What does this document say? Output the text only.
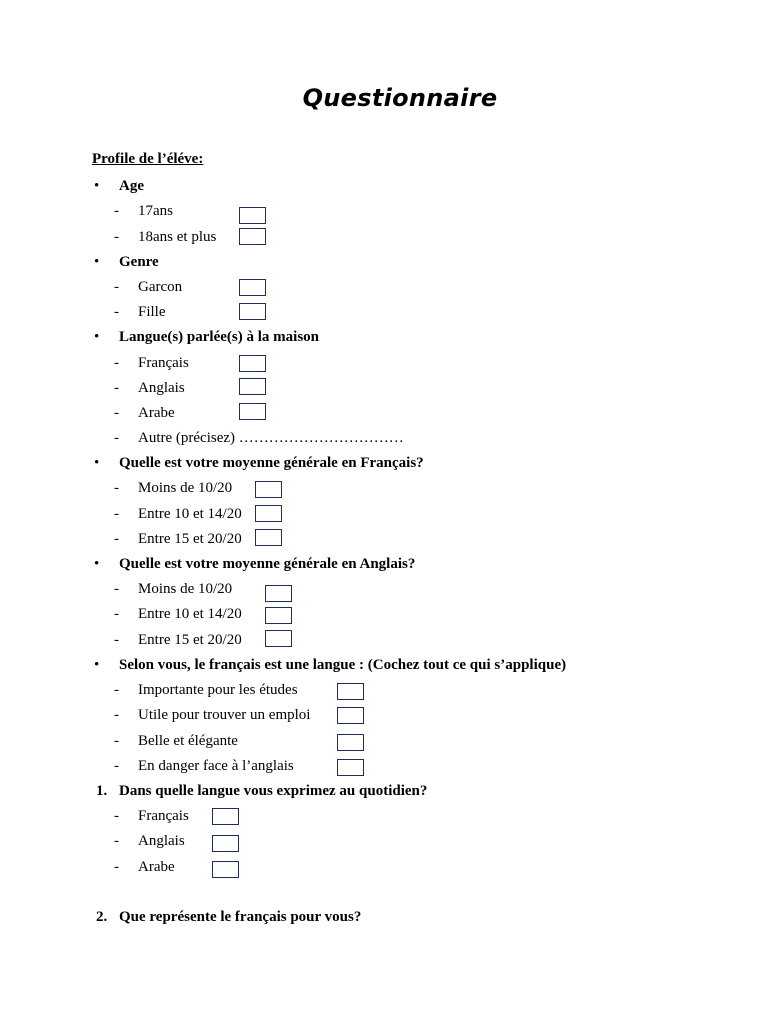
Questionnaire
Profile de l’éléve:
• Age
- 17ans
- 18ans et plus
• Genre
- Garcon
- Fille
• Langue(s) parlée(s) à la maison
- Français
- Anglais
- Arabe
- Autre (précisez) ……………………………
• Quelle est votre moyenne générale en Français?
- Moins de 10/20
- Entre 10 et 14/20
- Entre 15 et 20/20
• Quelle est votre moyenne générale en Anglais?
- Moins de 10/20
- Entre 10 et 14/20
- Entre 15 et 20/20
• Selon vous, le français est une langue : (Cochez tout ce qui s’applique)
- Importante pour les études
- Utile pour trouver un emploi
- Belle et élégante
- En danger face à l’anglais
1. Dans quelle langue vous exprimez au quotidien?
- Français
- Anglais
- Arabe
2. Que représente le français pour vous?
